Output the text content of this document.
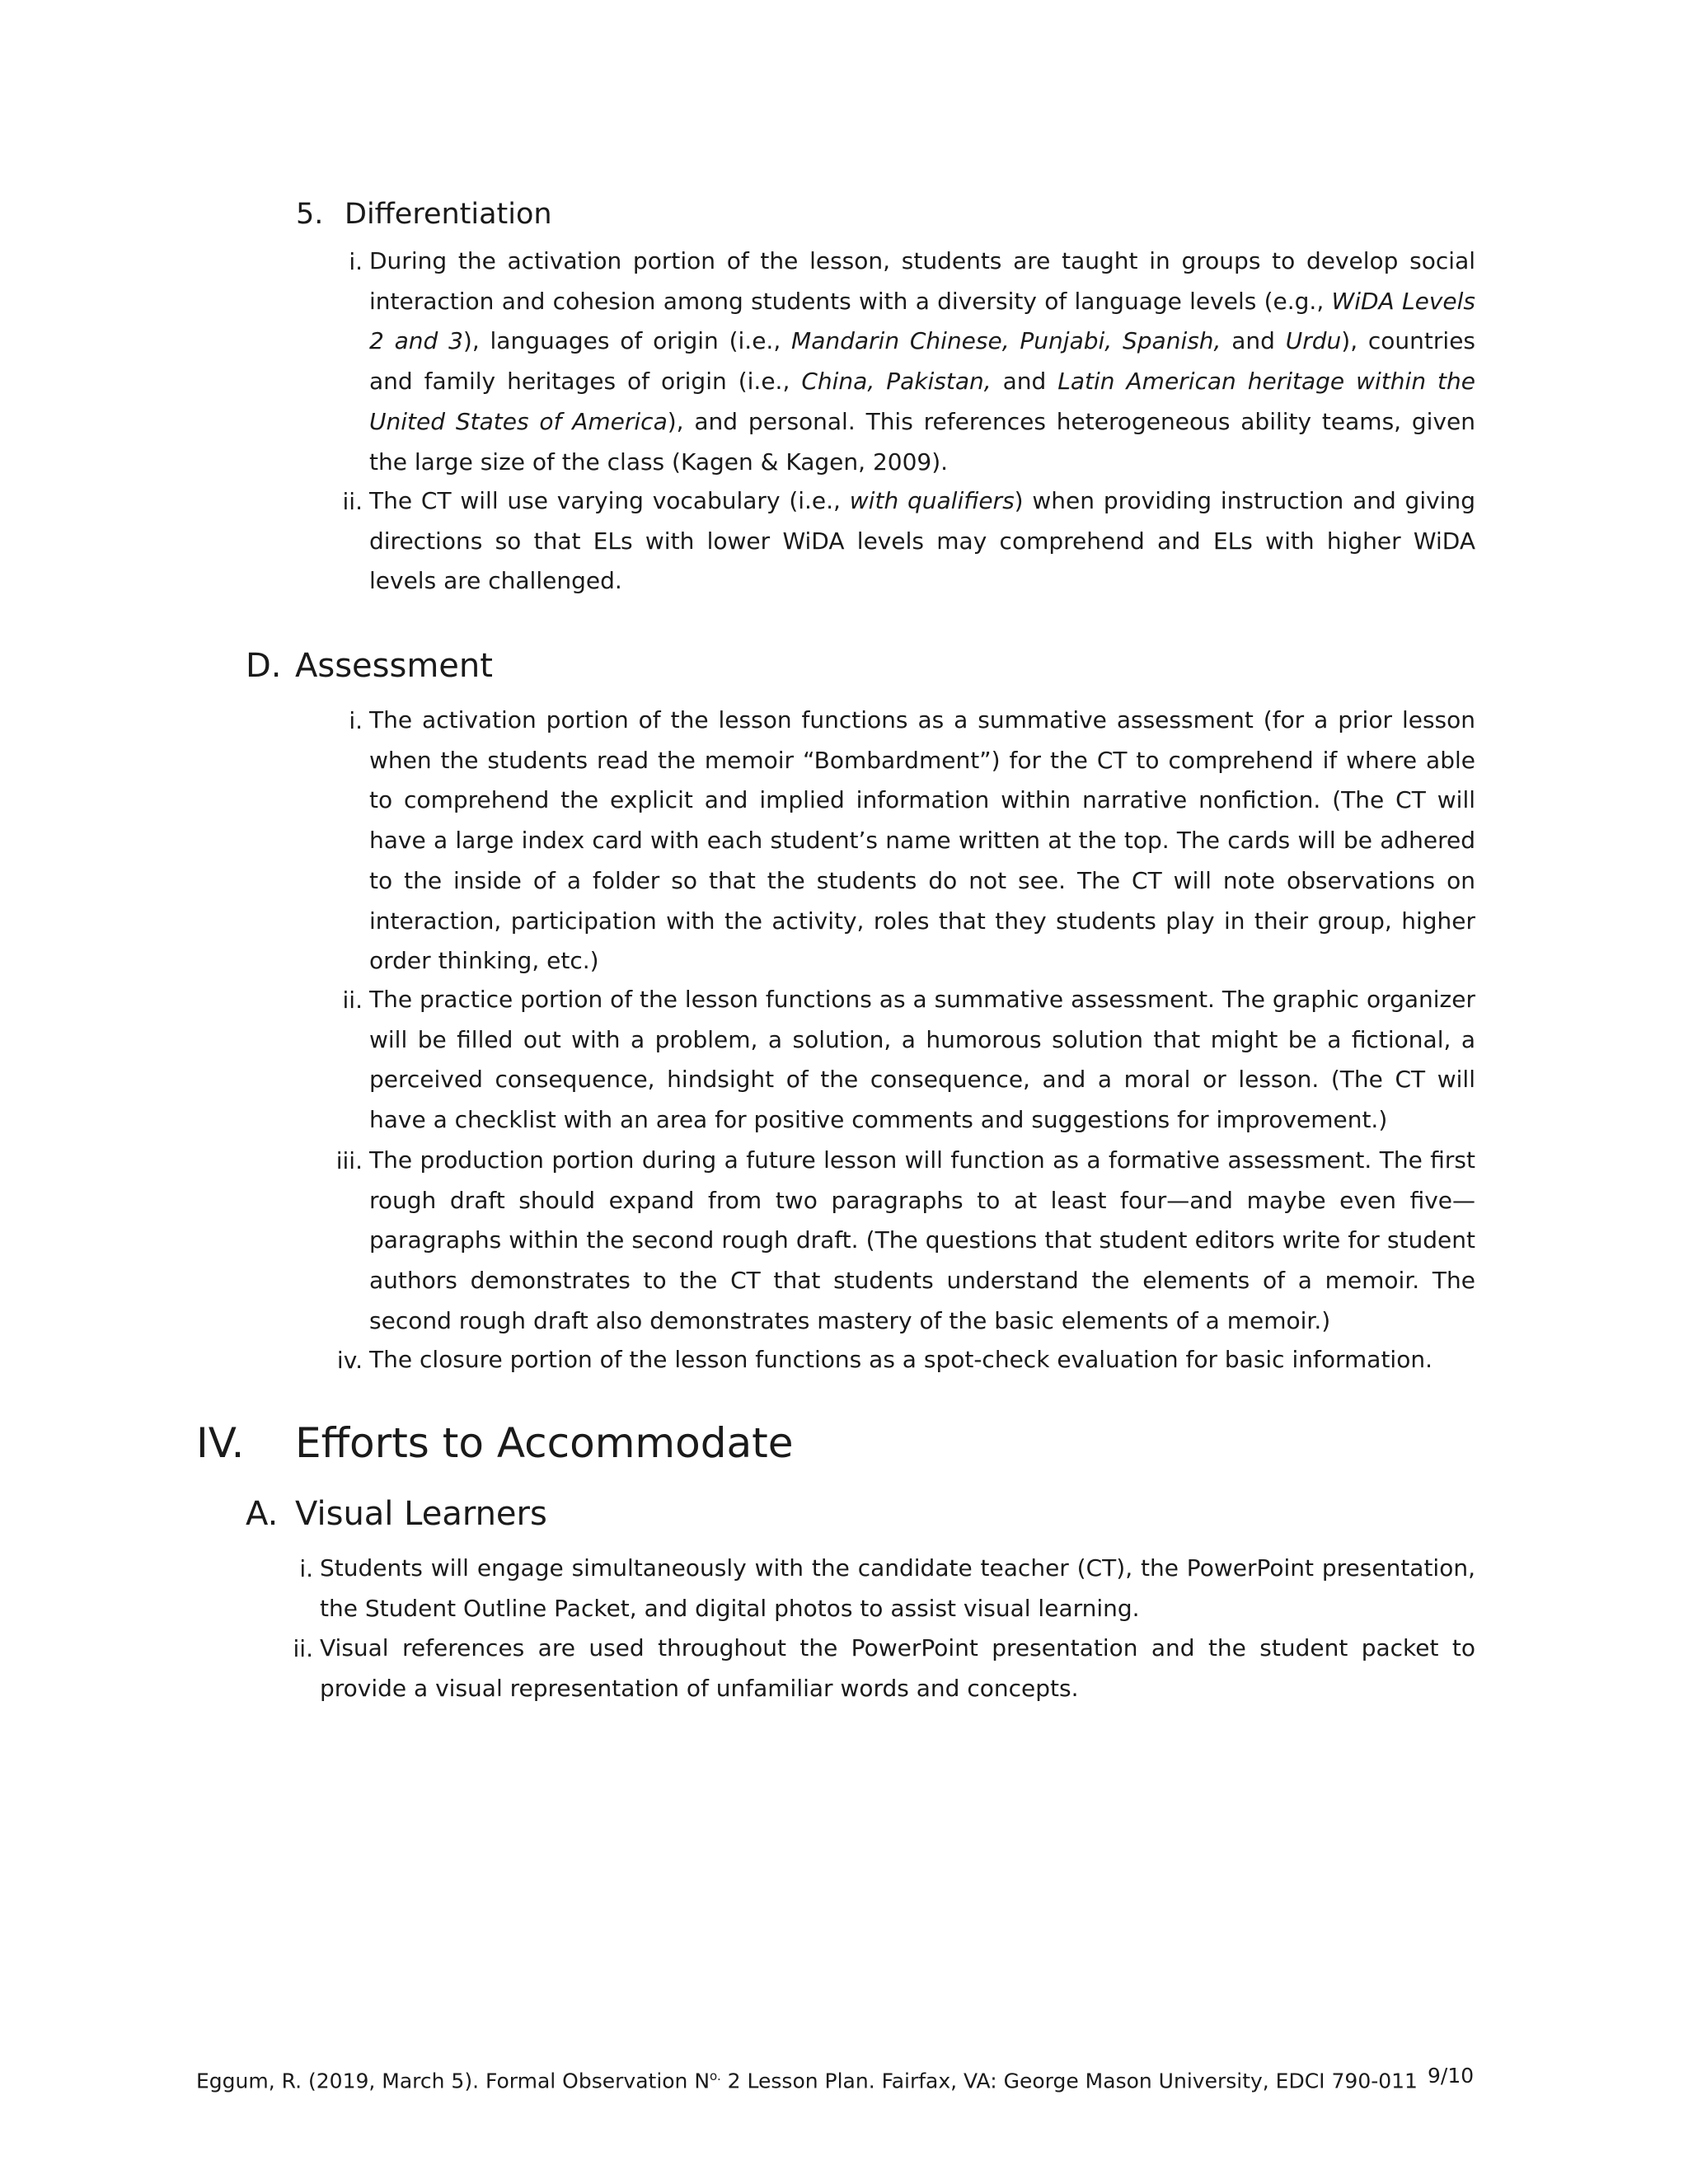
5. Differentiation
i. During the activation portion of the lesson, students are taught in groups to develop social interaction and cohesion among students with a diversity of language levels (e.g., WiDA Levels 2 and 3), languages of origin (i.e., Mandarin Chinese, Punjabi, Spanish, and Urdu), countries and family heritages of origin (i.e., China, Pakistan, and Latin American heritage within the United States of America), and personal. This references heterogeneous ability teams, given the large size of the class (Kagen & Kagen, 2009).
ii. The CT will use varying vocabulary (i.e., with qualifiers) when providing instruction and giving directions so that ELs with lower WiDA levels may comprehend and ELs with higher WiDA levels are challenged.
D. Assessment
i. The activation portion of the lesson functions as a summative assessment (for a prior lesson when the students read the memoir “Bombardment”) for the CT to comprehend if where able to comprehend the explicit and implied information within narrative nonfiction. (The CT will have a large index card with each student’s name written at the top. The cards will be adhered to the inside of a folder so that the students do not see. The CT will note observations on interaction, participation with the activity, roles that they students play in their group, higher order thinking, etc.)
ii. The practice portion of the lesson functions as a summative assessment. The graphic organizer will be filled out with a problem, a solution, a humorous solution that might be a fictional, a perceived consequence, hindsight of the consequence, and a moral or lesson. (The CT will have a checklist with an area for positive comments and suggestions for improvement.)
iii. The production portion during a future lesson will function as a formative assessment. The first rough draft should expand from two paragraphs to at least four—and maybe even five—paragraphs within the second rough draft. (The questions that student editors write for student authors demonstrates to the CT that students understand the elements of a memoir. The second rough draft also demonstrates mastery of the basic elements of a memoir.)
iv. The closure portion of the lesson functions as a spot-check evaluation for basic information.
IV. Efforts to Accommodate
A. Visual Learners
i. Students will engage simultaneously with the candidate teacher (CT), the PowerPoint presentation, the Student Outline Packet, and digital photos to assist visual learning.
ii. Visual references are used throughout the PowerPoint presentation and the student packet to provide a visual representation of unfamiliar words and concepts.
Eggum, R. (2019, March 5). Formal Observation $N^{o.}$ 2 Lesson Plan. Fairfax, VA: George Mason University, EDCI 790-011 9/10
